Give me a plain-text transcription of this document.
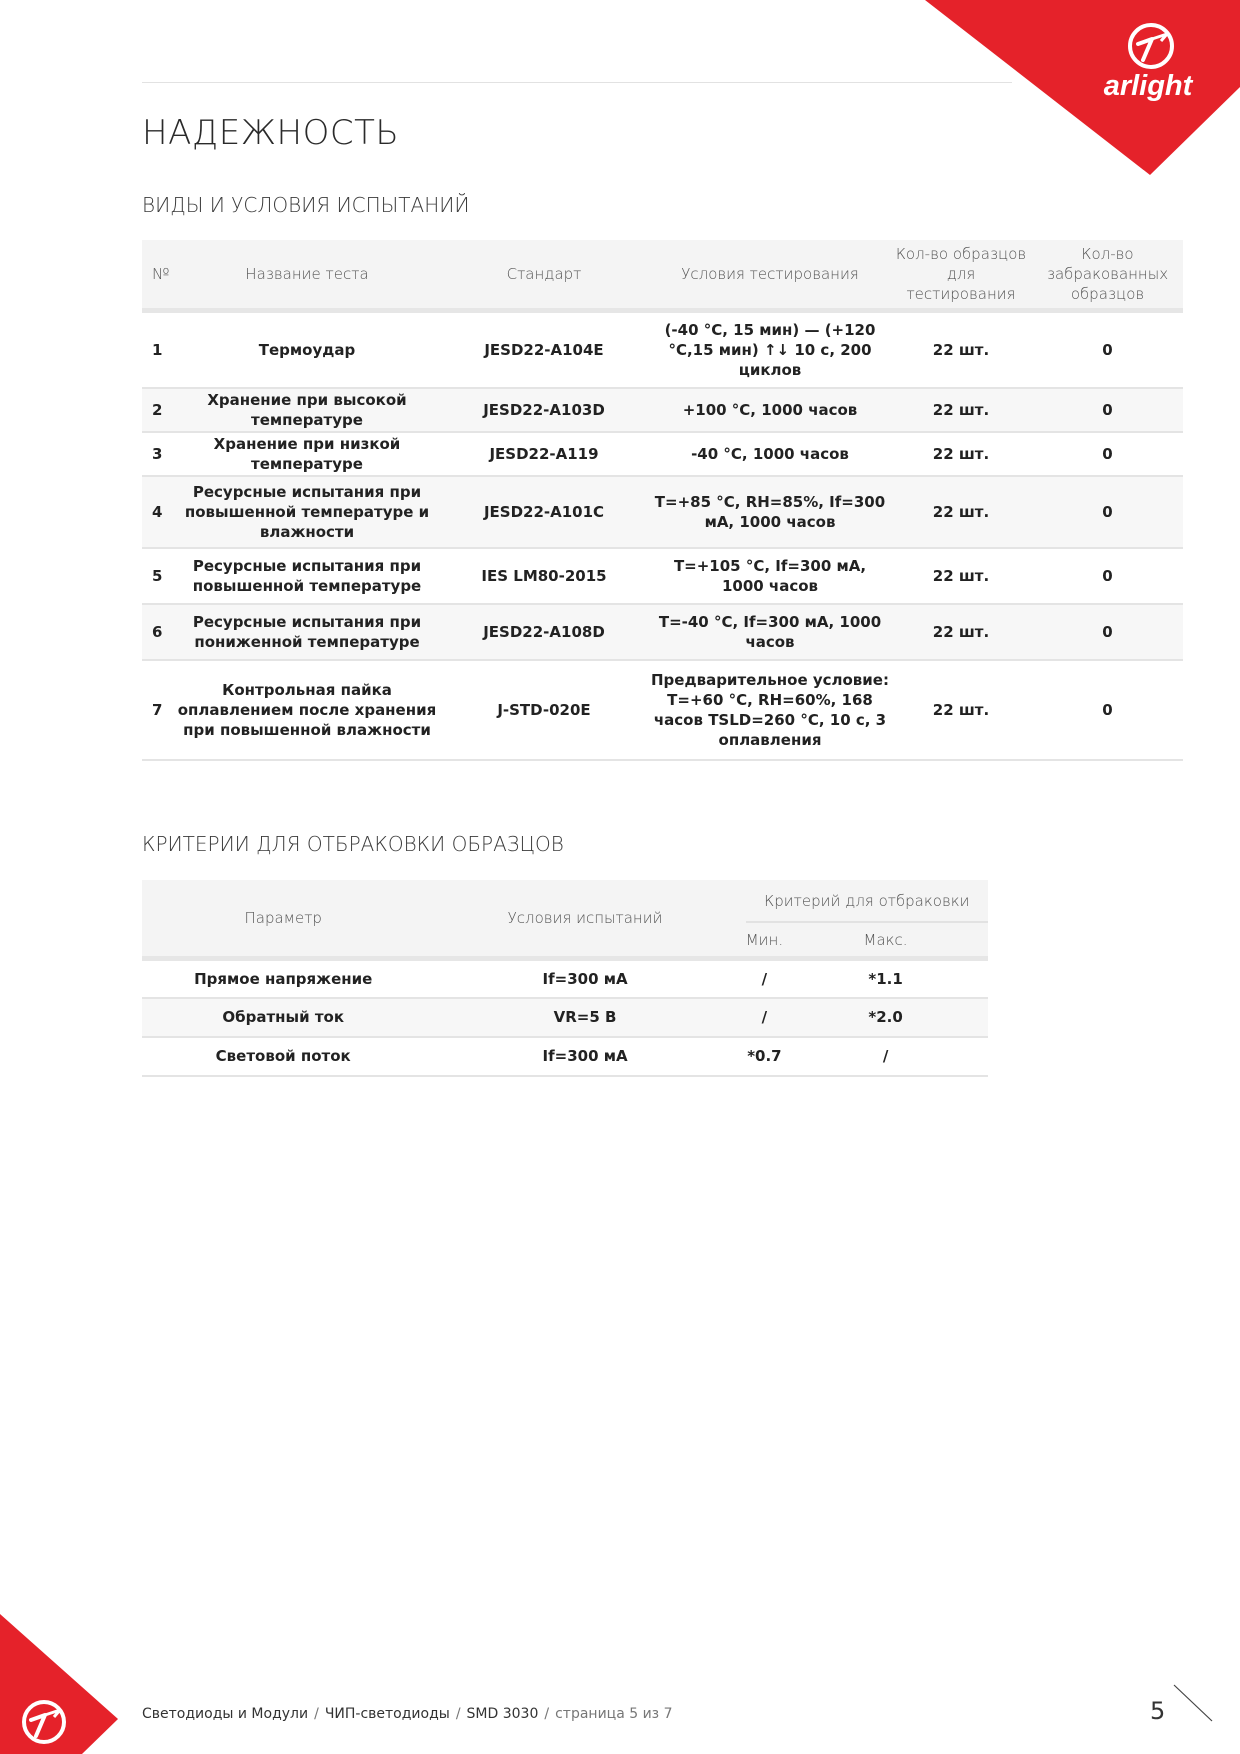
arlight
НАДЕЖНОСТЬ
ВИДЫ И УСЛОВИЯ ИСПЫТАНИЙ
№	Название теста	Стандарт	Условия тестирования	Кол-во образцов для тестирования	Кол-во забракованных образцов
1	Термоудар	JESD22-A104E	(-40 °C, 15 мин) — (+120 °C,15 мин) ↑↓ 10 с, 200 циклов	22 шт.	0
2	Хранение при высокой температуре	JESD22-A103D	+100 °C, 1000 часов	22 шт.	0
3	Хранение при низкой температуре	JESD22-A119	-40 °C, 1000 часов	22 шт.	0
4	Ресурсные испытания при повышенной температуре и влажности	JESD22-A101C	T=+85 °C, RH=85%, If=300 мА, 1000 часов	22 шт.	0
5	Ресурсные испытания при повышенной температуре	IES LM80-2015	T=+105 °C, If=300 мА, 1000 часов	22 шт.	0
6	Ресурсные испытания при пониженной температуре	JESD22-A108D	T=-40 °C, If=300 мА, 1000 часов	22 шт.	0
7	Контрольная пайка оплавлением после хранения при повышенной влажности	J-STD-020E	Предварительное условие: T=+60 °C, RH=60%, 168 часов TSLD=260 °C, 10 с, 3 оплавления	22 шт.	0
КРИТЕРИИ ДЛЯ ОТБРАКОВКИ ОБРАЗЦОВ
Параметр	Условия испытаний	Критерий для отбраковки	
		Мин.	Макс.
Прямое напряжение	If=300 мА	/	*1.1
Обратный ток	VR=5 В	/	*2.0
Световой поток	If=300 мА	*0.7	/
Светодиоды и Модули / ЧИП-светодиоды / SMD 3030 / страница 5 из 7	5
